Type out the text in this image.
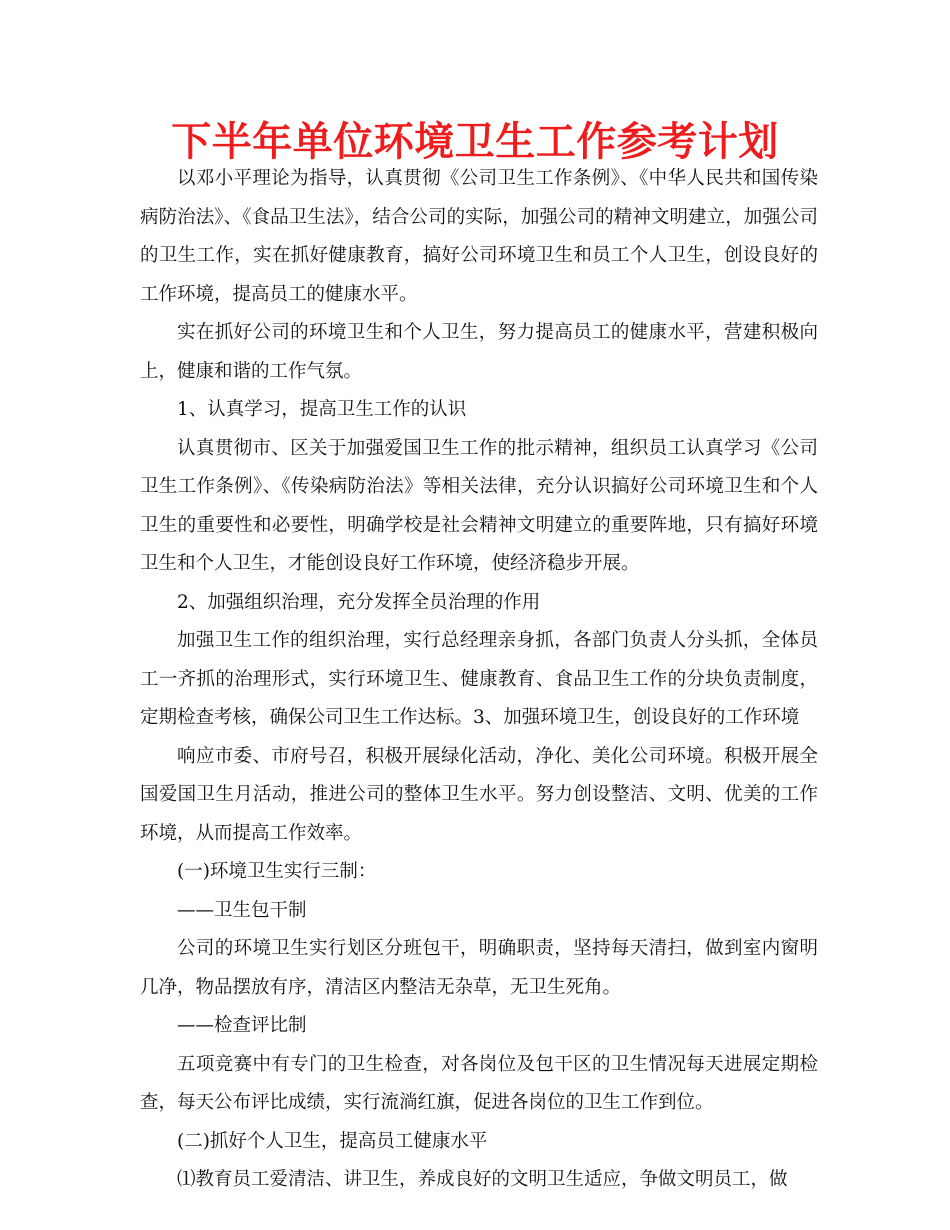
下半年单位环境卫生工作参考计划

以邓小平理论为指导，认真贯彻《公司卫生工作条例》、《中华人民共和国传染病防治法》、《食品卫生法》，结合公司的实际，加强公司的精神文明建立，加强公司的卫生工作，实在抓好健康教育，搞好公司环境卫生和员工个人卫生，创设良好的工作环境，提高员工的健康水平。

实在抓好公司的环境卫生和个人卫生，努力提高员工的健康水平，营建积极向上，健康和谐的工作气氛。

1、认真学习，提高卫生工作的认识

认真贯彻市、区关于加强爱国卫生工作的批示精神，组织员工认真学习《公司卫生工作条例》、《传染病防治法》等相关法律，充分认识搞好公司环境卫生和个人卫生的重要性和必要性，明确学校是社会精神文明建立的重要阵地，只有搞好环境卫生和个人卫生，才能创设良好工作环境，使经济稳步开展。

2、加强组织治理，充分发挥全员治理的作用

加强卫生工作的组织治理，实行总经理亲身抓，各部门负责人分头抓，全体员工一齐抓的治理形式，实行环境卫生、健康教育、食品卫生工作的分块负责制度，定期检查考核，确保公司卫生工作达标。3、加强环境卫生，创设良好的工作环境

响应市委、市府号召，积极开展绿化活动，净化、美化公司环境。积极开展全国爱国卫生月活动，推进公司的整体卫生水平。努力创设整洁、文明、优美的工作环境，从而提高工作效率。

(一)环境卫生实行三制：

——卫生包干制

公司的环境卫生实行划区分班包干，明确职责，坚持每天清扫，做到室内窗明几净，物品摆放有序，清洁区内整洁无杂草，无卫生死角。

——检查评比制

五项竞赛中有专门的卫生检查，对各岗位及包干区的卫生情况每天进展定期检查，每天公布评比成绩，实行流淌红旗，促进各岗位的卫生工作到位。

(二)抓好个人卫生，提高员工健康水平

⑴教育员工爱清洁、讲卫生，养成良好的文明卫生适应，争做文明员工，做
